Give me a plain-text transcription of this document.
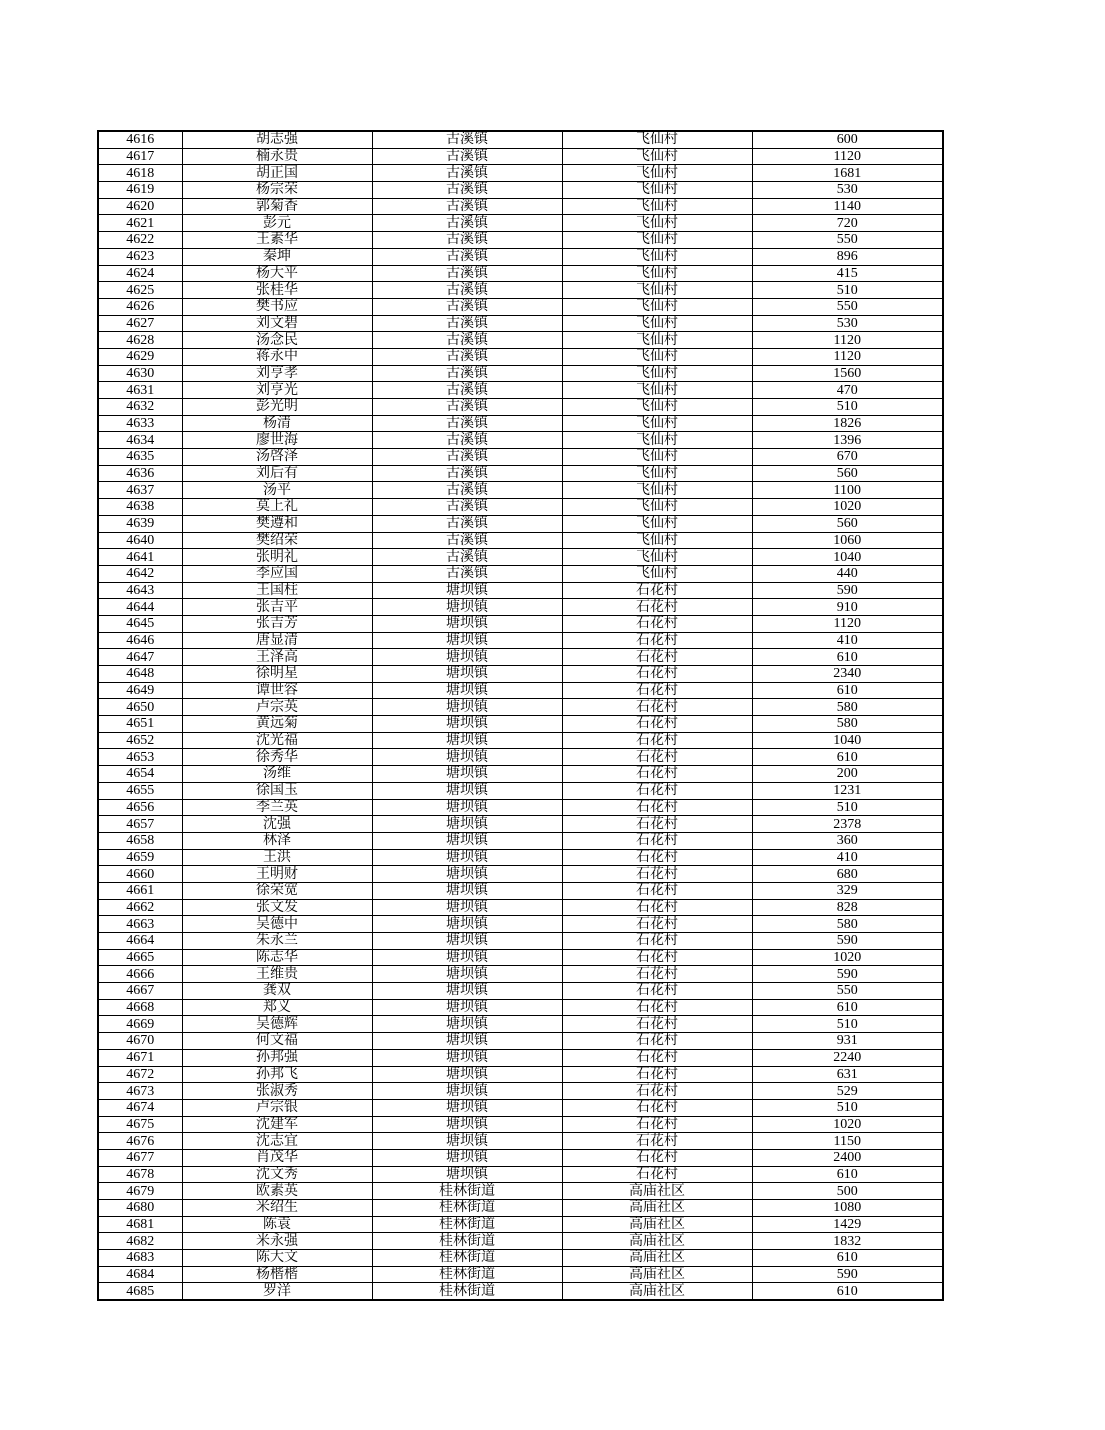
4616	胡志强	古溪镇	飞仙村	600
4617	楠永贵	古溪镇	飞仙村	1120
4618	胡正国	古溪镇	飞仙村	1681
4619	杨宗荣	古溪镇	飞仙村	530
4620	郭菊香	古溪镇	飞仙村	1140
4621	彭元	古溪镇	飞仙村	720
4622	王素华	古溪镇	飞仙村	550
4623	秦坤	古溪镇	飞仙村	896
4624	杨大平	古溪镇	飞仙村	415
4625	张桂华	古溪镇	飞仙村	510
4626	樊书应	古溪镇	飞仙村	550
4627	刘文碧	古溪镇	飞仙村	530
4628	汤念民	古溪镇	飞仙村	1120
4629	蒋永中	古溪镇	飞仙村	1120
4630	刘亨孝	古溪镇	飞仙村	1560
4631	刘亨光	古溪镇	飞仙村	470
4632	彭光明	古溪镇	飞仙村	510
4633	杨清	古溪镇	飞仙村	1826
4634	廖世海	古溪镇	飞仙村	1396
4635	汤啓泽	古溪镇	飞仙村	670
4636	刘后有	古溪镇	飞仙村	560
4637	汤平	古溪镇	飞仙村	1100
4638	莫上礼	古溪镇	飞仙村	1020
4639	樊遵和	古溪镇	飞仙村	560
4640	樊绍荣	古溪镇	飞仙村	1060
4641	张明礼	古溪镇	飞仙村	1040
4642	李应国	古溪镇	飞仙村	440
4643	王国柱	塘坝镇	石花村	590
4644	张吉平	塘坝镇	石花村	910
4645	张吉芳	塘坝镇	石花村	1120
4646	唐显清	塘坝镇	石花村	410
4647	王泽高	塘坝镇	石花村	610
4648	徐明星	塘坝镇	石花村	2340
4649	谭世容	塘坝镇	石花村	610
4650	卢宗英	塘坝镇	石花村	580
4651	黄远菊	塘坝镇	石花村	580
4652	沈光福	塘坝镇	石花村	1040
4653	徐秀华	塘坝镇	石花村	610
4654	汤维	塘坝镇	石花村	200
4655	徐国玉	塘坝镇	石花村	1231
4656	李兰英	塘坝镇	石花村	510
4657	沈强	塘坝镇	石花村	2378
4658	林泽	塘坝镇	石花村	360
4659	王洪	塘坝镇	石花村	410
4660	王明财	塘坝镇	石花村	680
4661	徐荣宽	塘坝镇	石花村	329
4662	张文发	塘坝镇	石花村	828
4663	吴德中	塘坝镇	石花村	580
4664	朱永兰	塘坝镇	石花村	590
4665	陈志华	塘坝镇	石花村	1020
4666	王维贵	塘坝镇	石花村	590
4667	龚双	塘坝镇	石花村	550
4668	郑义	塘坝镇	石花村	610
4669	吴德辉	塘坝镇	石花村	510
4670	何文福	塘坝镇	石花村	931
4671	孙邦强	塘坝镇	石花村	2240
4672	孙邦飞	塘坝镇	石花村	631
4673	张淑秀	塘坝镇	石花村	529
4674	卢宗银	塘坝镇	石花村	510
4675	沈建军	塘坝镇	石花村	1020
4676	沈志宜	塘坝镇	石花村	1150
4677	肖茂华	塘坝镇	石花村	2400
4678	沈文秀	塘坝镇	石花村	610
4679	欧素英	桂林街道	高庙社区	500
4680	米绍生	桂林街道	高庙社区	1080
4681	陈袁	桂林街道	高庙社区	1429
4682	米永强	桂林街道	高庙社区	1832
4683	陈大文	桂林街道	高庙社区	610
4684	杨楷楷	桂林街道	高庙社区	590
4685	罗洋	桂林街道	高庙社区	610
